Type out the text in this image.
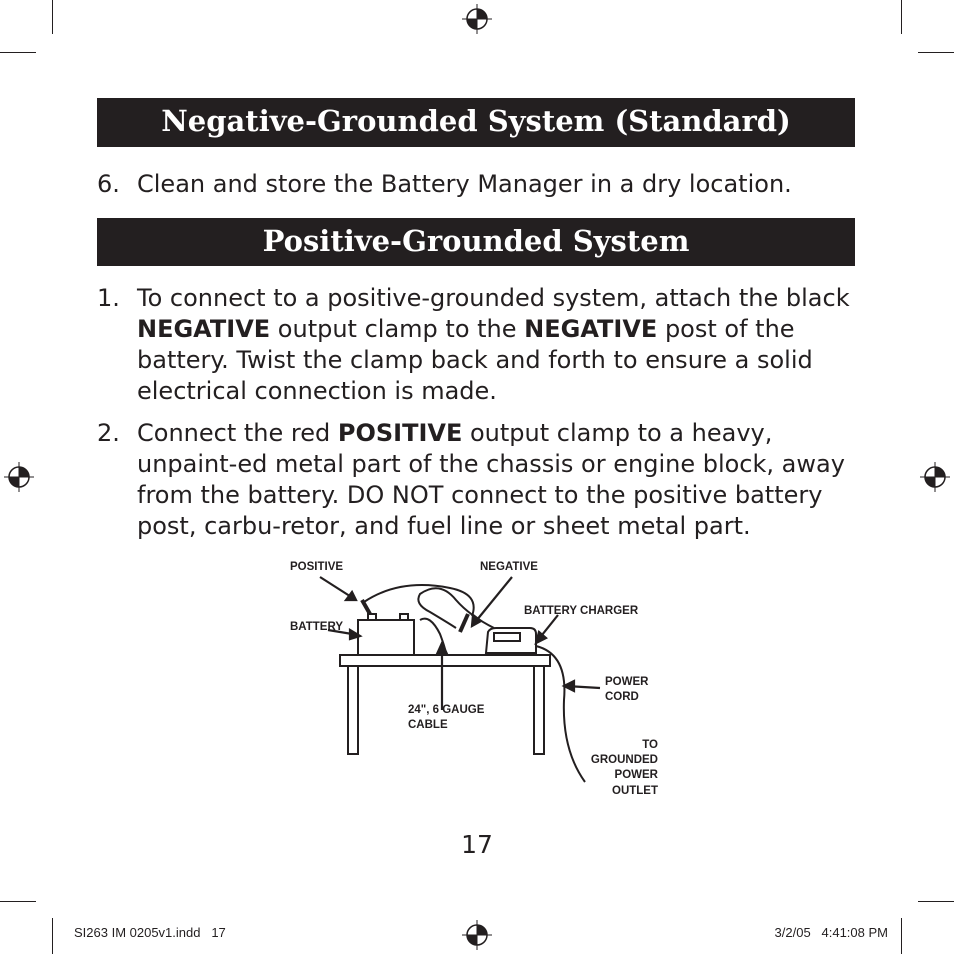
Negative-Grounded System (Standard)
6. Clean and store the Battery Manager in a dry location.
Positive-Grounded System
1. To connect to a positive-grounded system, attach the black NEGATIVE output clamp to the NEGATIVE post of the battery. Twist the clamp back and forth to ensure a solid electrical connection is made.
2. Connect the red POSITIVE output clamp to a heavy, unpaint-ed metal part of the chassis or engine block, away from the battery. DO NOT connect to the positive battery post, carbu-retor, and fuel line or sheet metal part.
POSITIVE	NEGATIVE
BATTERY CHARGER
BATTERY
POWER
CORD
24", 6 GAUGE
CABLE
TO
GROUNDED
POWER
OUTLET
17
SI263 IM 0205v1.indd   17	3/2/05   4:41:08 PM
